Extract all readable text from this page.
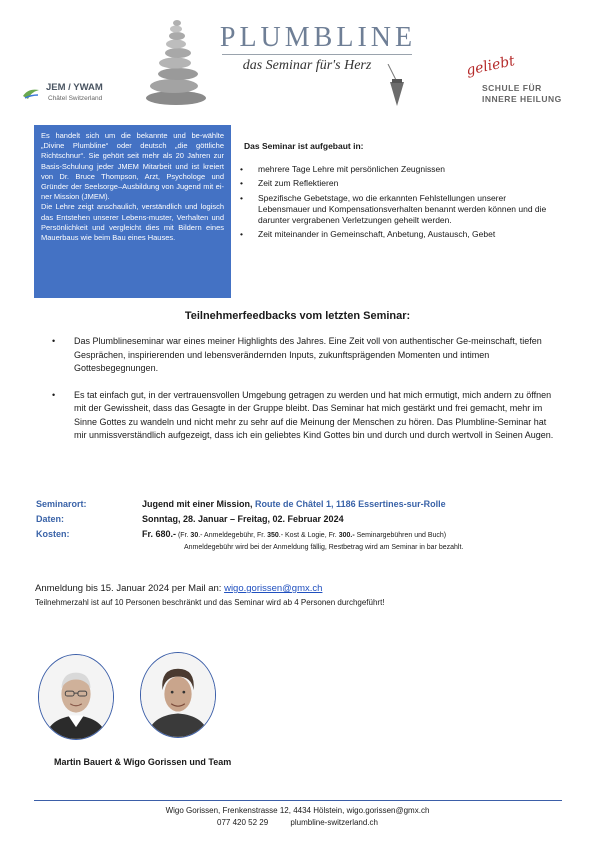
PLUMBLINE
das Seminar für's Herz
JEM / YWAM
Châtel Switzerland
geliebt
SCHULE FÜR
INNERE HEILUNG

Es handelt sich um die bekannte und be-wählte „Divine Plumbline“ oder deutsch „die göttliche Richtschnur“. Sie gehört seit mehr als 20 Jahren zur Basis-Schulung jeder JMEM Mitarbeit und ist kreiert von Dr. Bruce Thompson, Arzt, Psychologe und Gründer der Seelsorge–Ausbildung von Jugend mit ei-ner Mission (JMEM).

Die Lehre zeigt anschaulich, verständlich und logisch das Entstehen unserer Lebens-muster, Verhalten und Persönlichkeit und vergleicht dies mit Bildern eines Mauerbaus wie beim Bau eines Hauses.

Das Seminar ist aufgebaut in:
• mehrere Tage Lehre mit persönlichen Zeugnissen
• Zeit zum Reflektieren
• Spezifische Gebetstage, wo die erkannten Fehlstellungen unserer Lebensmauer und Kompensationsverhalten benannt werden können und die darunter vergrabenen Verletzungen geheilt werden.
• Zeit miteinander in Gemeinschaft, Anbetung, Austausch, Gebet
Teilnehmerfeedbacks vom letzten Seminar:
• Das Plumblineseminar war eines meiner Highlights des Jahres. Eine Zeit voll von authentischer Ge-meinschaft, tiefen Gesprächen, inspirierenden und lebensverändernden Inputs, zukunftsprägenden Momenten und intimen Gottesbegegnungen.
• Es tat einfach gut, in der vertrauensvollen Umgebung getragen zu werden und hat mich ermutigt, mich andern zu öffnen mit der Gewissheit, dass das Gesagte in der Gruppe bleibt. Das Seminar hat mich gestärkt und frei gemacht, mehr im Sinne Gottes zu wandeln und nicht mehr zu sehr auf die Meinung der Menschen zu hören. Das Plumbline-Seminar hat mir unmissverständlich aufgezeigt, dass ich ein geliebtes Kind Gottes bin und durch und durch wertvoll in Seinen Augen.
Seminarort:	Jugend mit einer Mission, Route de Châtel 1, 1186 Essertines-sur-Rolle
Daten:	Sonntag, 28. Januar – Freitag, 02. Februar 2024
Kosten:	Fr. 680.- (Fr. 30.- Anmeldegebühr, Fr. 350.- Kost & Logie, Fr. 300.- Seminargebühren und Buch)
Anmeldegebühr wird bei der Anmeldung fällig, Restbetrag wird am Seminar in bar bezahlt.
Anmeldung bis 15. Januar 2024 per Mail an: wigo.gorissen@gmx.ch
Teilnehmerzahl ist auf 10 Personen beschränkt und das Seminar wird ab 4 Personen durchgeführt!
Martin Bauert & Wigo Gorissen und Team
Wigo Gorissen, Frenkenstrasse 12, 4434 Hölstein, wigo.gorissen@gmx.ch
077 420 52 29	plumbline-switzerland.ch
